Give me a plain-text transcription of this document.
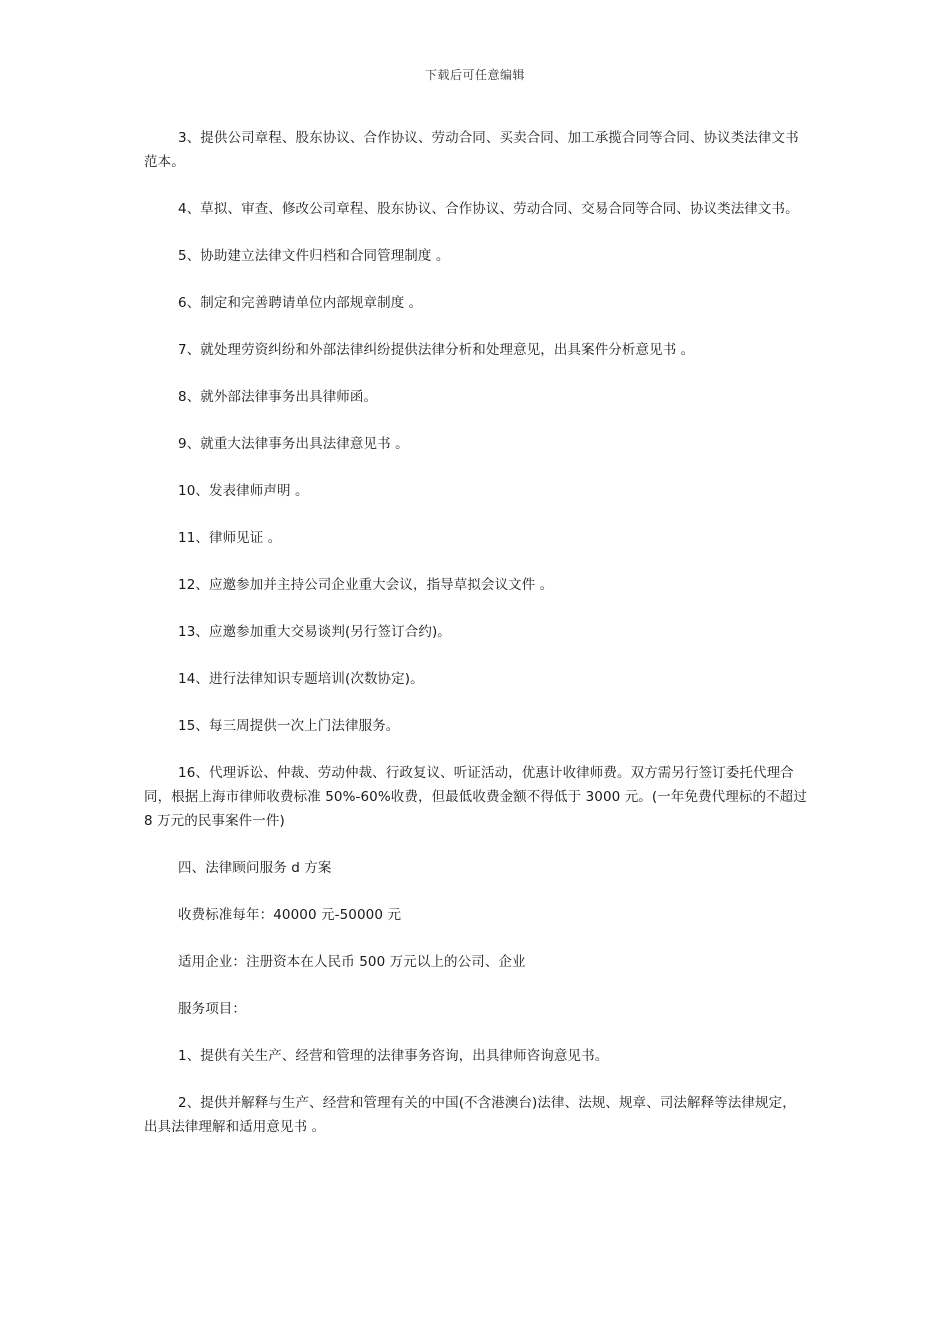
下载后可任意编辑

3、提供公司章程、股东协议、合作协议、劳动合同、买卖合同、加工承揽合同等合同、协议类法律文书范本。

4、草拟、审查、修改公司章程、股东协议、合作协议、劳动合同、交易合同等合同、协议类法律文书。

5、协助建立法律文件归档和合同管理制度 。

6、制定和完善聘请单位内部规章制度 。

7、就处理劳资纠纷和外部法律纠纷提供法律分析和处理意见，出具案件分析意见书 。

8、就外部法律事务出具律师函。

9、就重大法律事务出具法律意见书 。

10、发表律师声明 。

11、律师见证 。

12、应邀参加并主持公司企业重大会议，指导草拟会议文件 。

13、应邀参加重大交易谈判(另行签订合约)。

14、进行法律知识专题培训(次数协定)。

15、每三周提供一次上门法律服务。

16、代理诉讼、仲裁、劳动仲裁、行政复议、听证活动，优惠计收律师费。双方需另行签订委托代理合同，根据上海市律师收费标准 50%-60%收费，但最低收费金额不得低于 3000 元。(一年免费代理标的不超过 8 万元的民事案件一件)

四、法律顾问服务 d 方案

收费标准每年：40000 元-50000 元

适用企业：注册资本在人民币 500 万元以上的公司、企业

服务项目：

1、提供有关生产、经营和管理的法律事务咨询，出具律师咨询意见书。

2、提供并解释与生产、经营和管理有关的中国(不含港澳台)法律、法规、规章、司法解释等法律规定，出具法律理解和适用意见书 。
